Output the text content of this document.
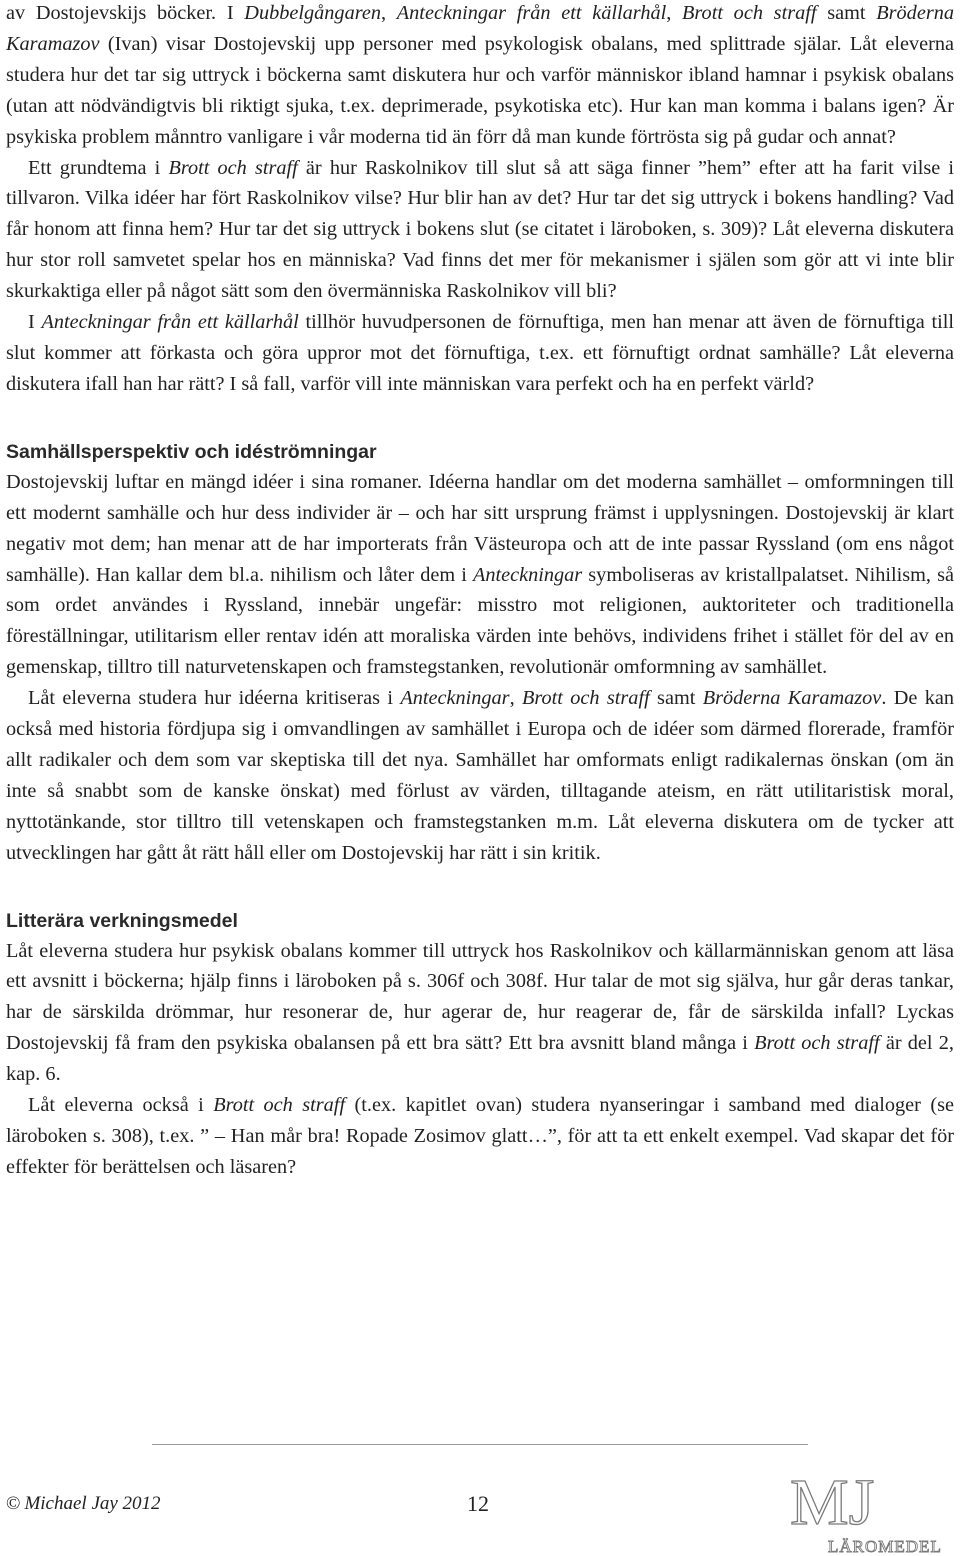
av Dostojevskijs böcker. I Dubbelgångaren, Anteckningar från ett källarhål, Brott och straff samt Bröderna Karamazov (Ivan) visar Dostojevskij upp personer med psykologisk obalans, med splittrade själar. Låt eleverna studera hur det tar sig uttryck i böckerna samt diskutera hur och varför människor ibland hamnar i psykisk obalans (utan att nödvändigtvis bli riktigt sjuka, t.ex. deprimerade, psykotiska etc). Hur kan man komma i balans igen? Är psykiska problem månntro vanligare i vår moderna tid än förr då man kunde förtrösta sig på gudar och annat?

Ett grundtema i Brott och straff är hur Raskolnikov till slut så att säga finner ”hem” efter att ha farit vilse i tillvaron. Vilka idéer har fört Raskolnikov vilse? Hur blir han av det? Hur tar det sig uttryck i bokens handling? Vad får honom att finna hem? Hur tar det sig uttryck i bokens slut (se citatet i läroboken, s. 309)? Låt eleverna diskutera hur stor roll samvetet spelar hos en människa? Vad finns det mer för mekanismer i själen som gör att vi inte blir skurkaktiga eller på något sätt som den övermänniska Raskolnikov vill bli?

I Anteckningar från ett källarhål tillhör huvudpersonen de förnuftiga, men han menar att även de förnuftiga till slut kommer att förkasta och göra uppror mot det förnuftiga, t.ex. ett förnuftigt ordnat samhälle? Låt eleverna diskutera ifall han har rätt? I så fall, varför vill inte människan vara perfekt och ha en perfekt värld?

Samhällsperspektiv och idéströmningar

Dostojevskij luftar en mängd idéer i sina romaner. Idéerna handlar om det moderna samhället – omformningen till ett modernt samhälle och hur dess individer är – och har sitt ursprung främst i upplysningen. Dostojevskij är klart negativ mot dem; han menar att de har importerats från Västeuropa och att de inte passar Ryssland (om ens något samhälle). Han kallar dem bl.a. nihilism och låter dem i Anteckningar symboliseras av kristallpalatset. Nihilism, så som ordet användes i Ryssland, innebär ungefär: misstro mot religionen, auktoriteter och traditionella föreställningar, utilitarism eller rentav idén att moraliska värden inte behövs, individens frihet i stället för del av en gemenskap, tilltro till naturvetenskapen och framstegstanken, revolutionär omformning av samhället.

Låt eleverna studera hur idéerna kritiseras i Anteckningar, Brott och straff samt Bröderna Karamazov. De kan också med historia fördjupa sig i omvandlingen av samhället i Europa och de idéer som därmed florerade, framför allt radikaler och dem som var skeptiska till det nya. Samhället har omformats enligt radikalernas önskan (om än inte så snabbt som de kanske önskat) med förlust av värden, tilltagande ateism, en rätt utilitaristisk moral, nyttotänkande, stor tilltro till vetenskapen och framstegstanken m.m. Låt eleverna diskutera om de tycker att utvecklingen har gått åt rätt håll eller om Dostojevskij har rätt i sin kritik.

Litterära verkningsmedel

Låt eleverna studera hur psykisk obalans kommer till uttryck hos Raskolnikov och källarmänniskan genom att läsa ett avsnitt i böckerna; hjälp finns i läroboken på s. 306f och 308f. Hur talar de mot sig själva, hur går deras tankar, har de särskilda drömmar, hur resonerar de, hur agerar de, hur reagerar de, får de särskilda infall? Lyckas Dostojevskij få fram den psykiska obalansen på ett bra sätt? Ett bra avsnitt bland många i Brott och straff är del 2, kap. 6.

Låt eleverna också i Brott och straff (t.ex. kapitlet ovan) studera nyanseringar i samband med dialoger (se läroboken s. 308), t.ex. ” – Han mår bra! Ropade Zosimov glatt…”, för att ta ett enkelt exempel. Vad skapar det för effekter för berättelsen och läsaren?

© Michael Jay 2012	12	MJ
LÄROMEDEL
